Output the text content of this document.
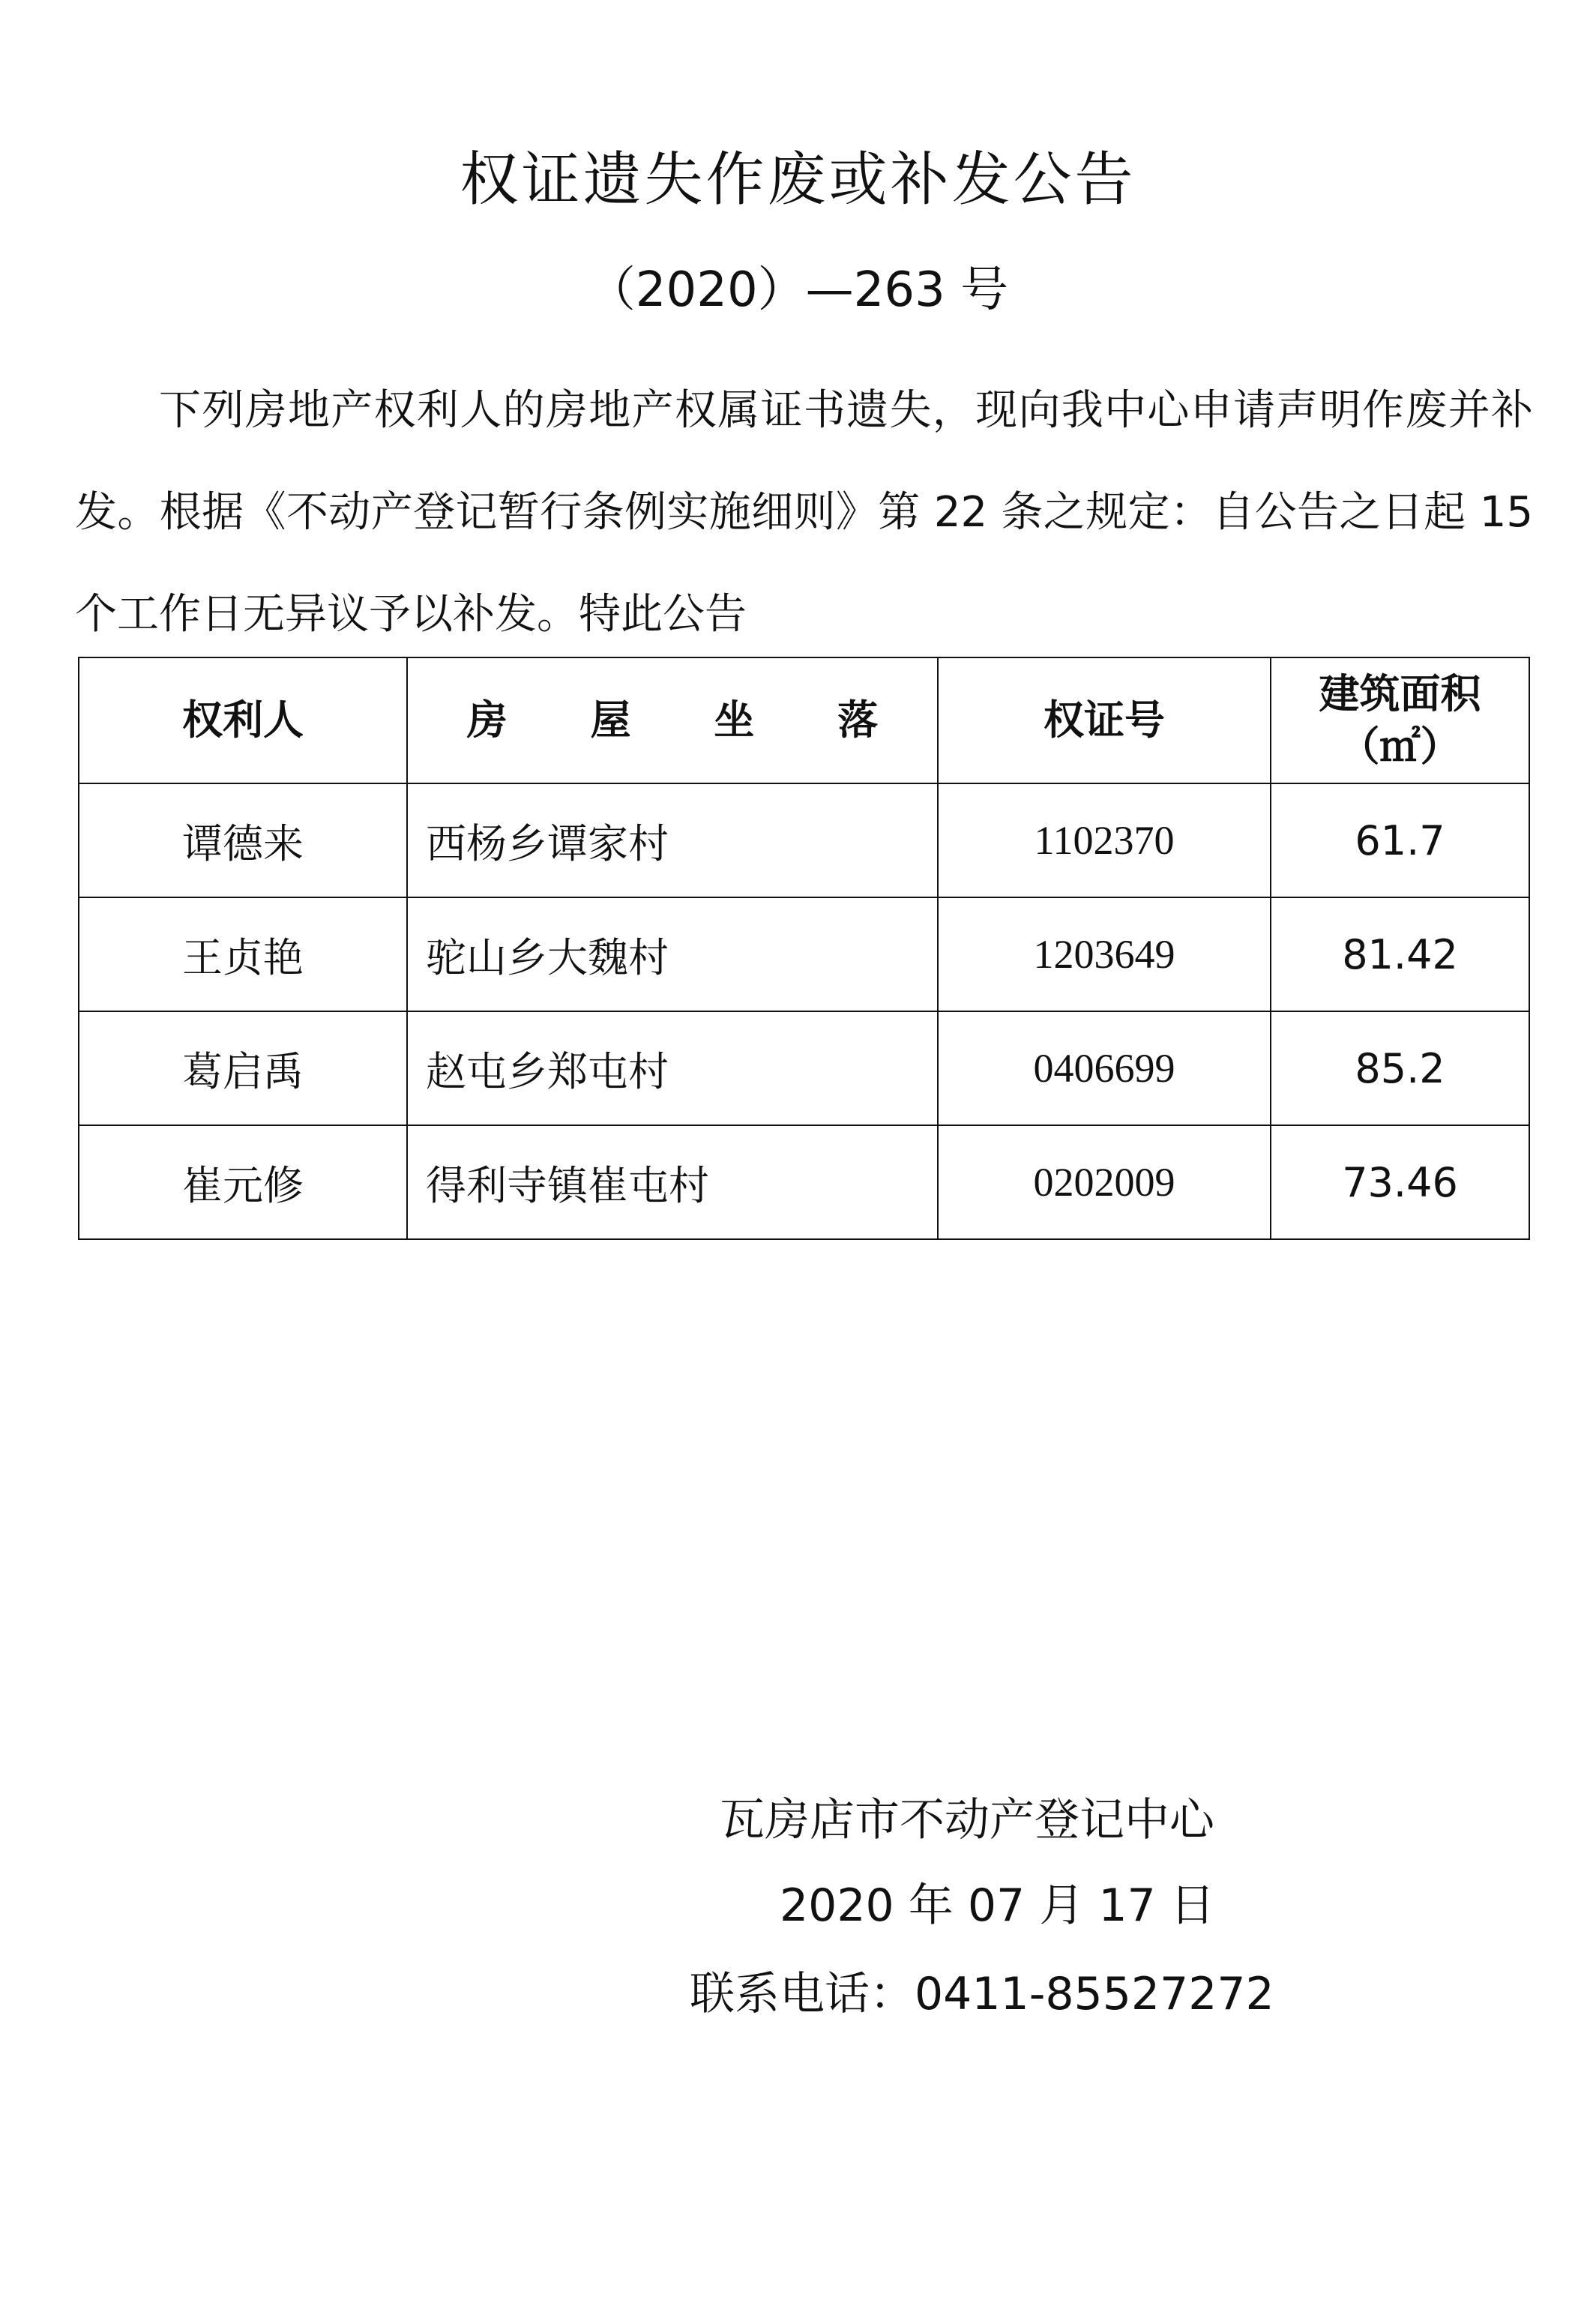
权证遗失作废或补发公告
（2020）—263 号

下列房地产权利人的房地产权属证书遗失，现向我中心申请声明作废并补发。根据《不动产登记暂行条例实施细则》第 22 条之规定：自公告之日起 15 个工作日无异议予以补发。特此公告

权利人	房 屋 坐 落	权证号	建筑面积
（㎡）

谭德来	西杨乡谭家村	1102370	61.7
王贞艳	驼山乡大魏村	1203649	81.42
葛启禹	赵屯乡郑屯村	0406699	85.2
崔元修	得利寺镇崔屯村	0202009	73.46
瓦房店市不动产登记中心
2020 年 07 月 17 日
联系电话：0411-85527272
